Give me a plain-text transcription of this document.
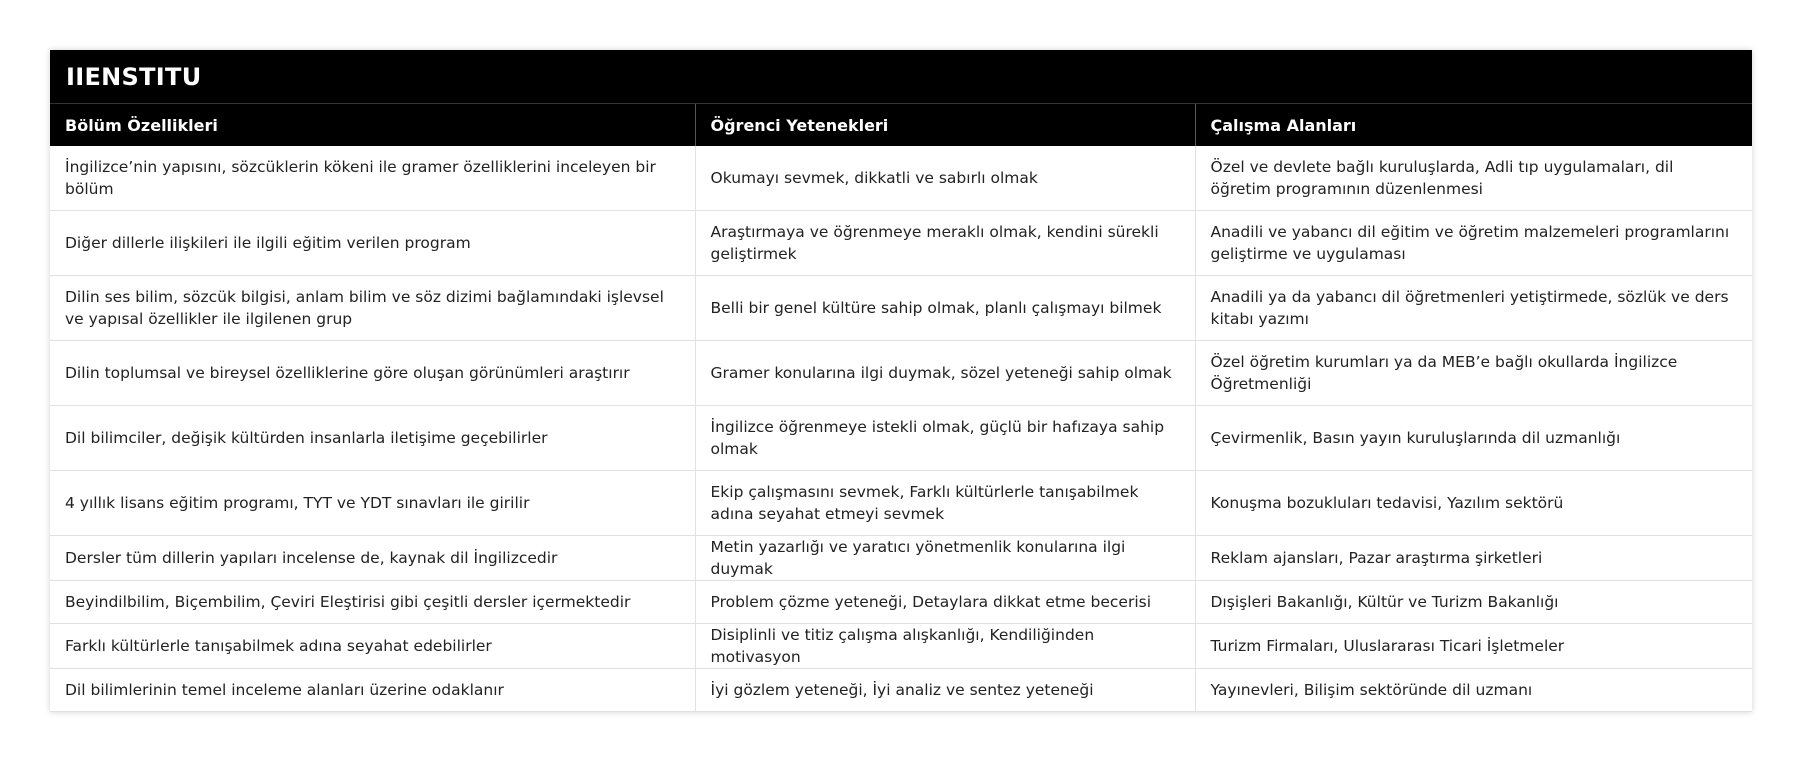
IIENSTITU
Bölüm Özellikleri	Öğrenci Yetenekleri	Çalışma Alanları
İngilizce’nin yapısını, sözcüklerin kökeni ile gramer özelliklerini inceleyen bir bölüm	Okumayı sevmek, dikkatli ve sabırlı olmak	Özel ve devlete bağlı kuruluşlarda, Adli tıp uygulamaları, dil öğretim programının düzenlenmesi
Diğer dillerle ilişkileri ile ilgili eğitim verilen program	Araştırmaya ve öğrenmeye meraklı olmak, kendini sürekli geliştirmek	Anadili ve yabancı dil eğitim ve öğretim malzemeleri programlarını geliştirme ve uygulaması
Dilin ses bilim, sözcük bilgisi, anlam bilim ve söz dizimi bağlamındaki işlevsel ve yapısal özellikler ile ilgilenen grup	Belli bir genel kültüre sahip olmak, planlı çalışmayı bilmek	Anadili ya da yabancı dil öğretmenleri yetiştirmede, sözlük ve ders kitabı yazımı
Dilin toplumsal ve bireysel özelliklerine göre oluşan görünümleri araştırır	Gramer konularına ilgi duymak, sözel yeteneği sahip olmak	Özel öğretim kurumları ya da MEB’e bağlı okullarda İngilizce Öğretmenliği
Dil bilimciler, değişik kültürden insanlarla iletişime geçebilirler	İngilizce öğrenmeye istekli olmak, güçlü bir hafızaya sahip olmak	Çevirmenlik, Basın yayın kuruluşlarında dil uzmanlığı
4 yıllık lisans eğitim programı, TYT ve YDT sınavları ile girilir	Ekip çalışmasını sevmek, Farklı kültürlerle tanışabilmek adına seyahat etmeyi sevmek	Konuşma bozukluları tedavisi, Yazılım sektörü
Dersler tüm dillerin yapıları incelense de, kaynak dil İngilizcedir	Metin yazarlığı ve yaratıcı yönetmenlik konularına ilgi duymak	Reklam ajansları, Pazar araştırma şirketleri
Beyindilbilim, Biçembilim, Çeviri Eleştirisi gibi çeşitli dersler içermektedir	Problem çözme yeteneği, Detaylara dikkat etme becerisi	Dışişleri Bakanlığı, Kültür ve Turizm Bakanlığı
Farklı kültürlerle tanışabilmek adına seyahat edebilirler	Disiplinli ve titiz çalışma alışkanlığı, Kendiliğinden motivasyon	Turizm Firmaları, Uluslararası Ticari İşletmeler
Dil bilimlerinin temel inceleme alanları üzerine odaklanır	İyi gözlem yeteneği, İyi analiz ve sentez yeteneği	Yayınevleri, Bilişim sektöründe dil uzmanı
